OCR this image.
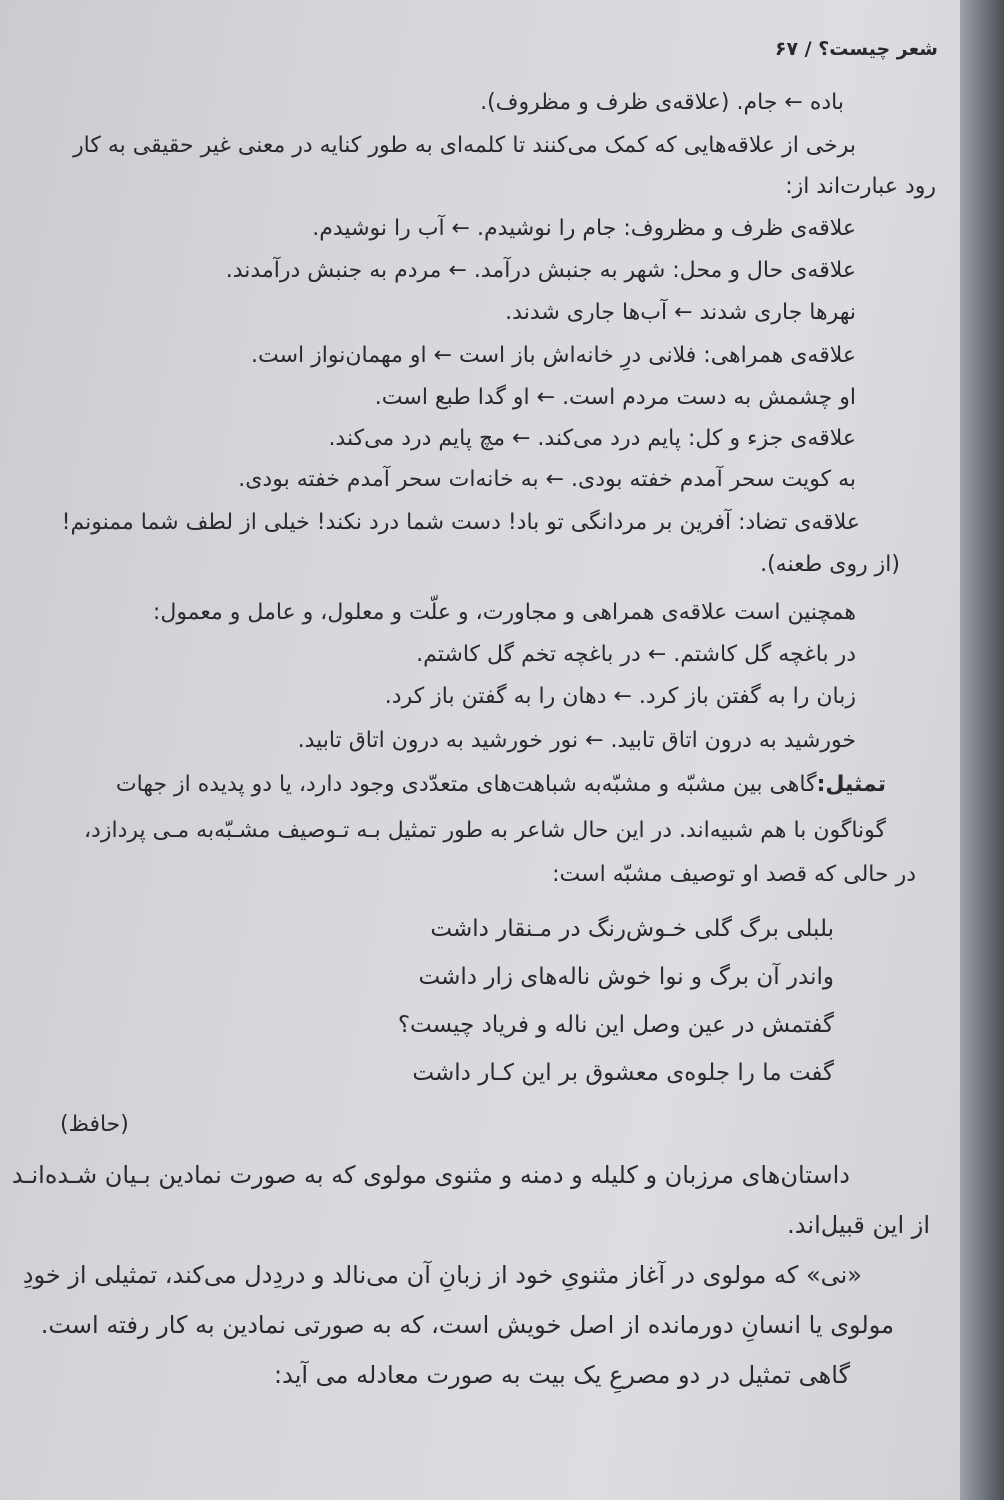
شعر چیست؟ / ۶۷
باده ← جام. (علاقه‌ی ظرف و مظروف).
برخی از علاقه‌هایی که کمک می‌کنند تا کلمه‌ای به طور کنایه در معنی غیر حقیقی به کار
رود عبارت‌اند از:
علاقه‌ی ظرف و مظروف: جام را نوشیدم. ← آب را نوشیدم.
علاقه‌ی حال و محل: شهر به جنبش درآمد. ← مردم به جنبش درآمدند.
نهرها جاری شدند ← آب‌ها جاری شدند.
علاقه‌ی همراهی: فلانی درِ خانه‌اش باز است ← او مهمان‌نواز است.
او چشمش به دست مردم است. ← او گدا طبع است.
علاقه‌ی جزء و کل: پایم درد می‌کند. ← مچ پایم درد می‌کند.
به کویت سحر آمدم خفته بودی. ← به خانه‌ات سحر آمدم خفته بودی.
علاقه‌ی تضاد: آفرین بر مردانگی تو باد! دست شما درد نکند! خیلی از لطف شما ممنونم!
(از روی طعنه).
همچنین است علاقه‌ی همراهی و مجاورت، و علّت و معلول، و عامل و معمول:
در باغچه گل کاشتم. ← در باغچه تخم گل کاشتم.
زبان را به گفتن باز کرد. ← دهان را به گفتن باز کرد.
خورشید به درون اتاق تابید. ← نور خورشید به درون اتاق تابید.
تمثیل:گاهی بین مشبّه و مشبّه‌به شباهت‌های متعدّدی وجود دارد، یا دو پدیده از جهات
گوناگون با هم شبیه‌اند. در این حال شاعر به طور تمثیل بـه تـوصیف مشـبّه‌به مـی پردازد،
در حالی که قصد او توصیف مشبّه است:
بلبلی برگ گلی خـوش‌رنگ در مـنقار داشت
واندر آن برگ و نوا خوش ناله‌های زار داشت
گفتمش در عین وصل این ناله و فریاد چیست؟
گفت ما را جلوه‌ی معشوق بر این کـار داشت
(حافظ)
داستان‌های مرزبان و کلیله و دمنه و مثنوی مولوی که به صورت نمادین بـیان شـده‌انـد
از این قبیل‌اند.
«نی» که مولوی در آغاز مثنویِ خود از زبانِ آن می‌نالد و دردِدل می‌کند، تمثیلی از خودِ
مولوی یا انسانِ دورمانده از اصل خویش است، که به صورتی نمادین به کار رفته است.
گاهی تمثیل در دو مصرعِ یک بیت به صورت معادله می آید:
